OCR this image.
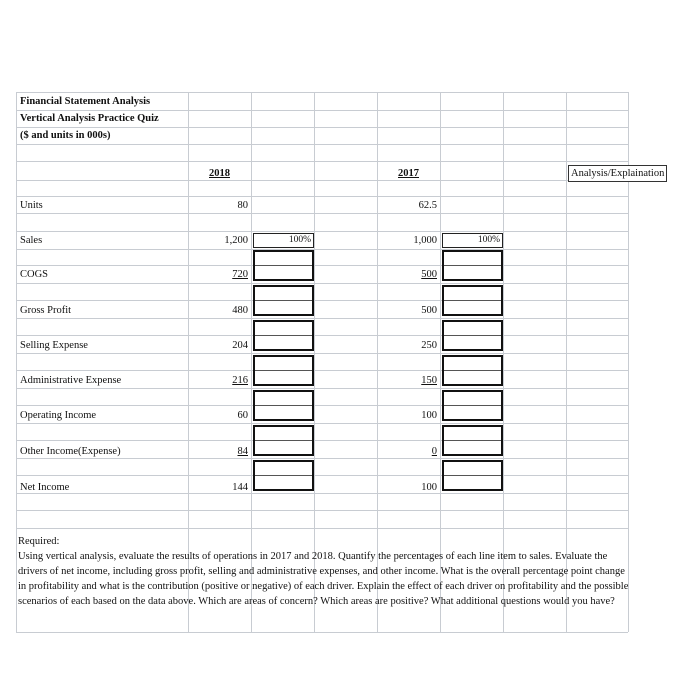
Financial Statement Analysis
Vertical Analysis Practice Quiz
($ and units in 000s)
2018	2017	Analysis/Explaination
Units	80	62.5
Sales	1,200	100%	1,000	100%
COGS	720	500
Gross Profit	480	500
Selling Expense	204	250
Administrative Expense	216	150
Operating Income	60	100
Other Income(Expense)	84	0
Net Income	144	100
Required:
Using vertical analysis, evaluate the results of operations in 2017 and 2018. Quantify the percentages of each line item to sales. Evaluate the drivers of net income, including gross profit, selling and administrative expenses, and other income. What is the overall percentage point change in profitability and what is the contribution (positive or negative) of each driver. Explain the effect of each driver on profitability and the possible scenarios of each based on the data above. Which are areas of concern? Which areas are positive? What additional questions would you have?
